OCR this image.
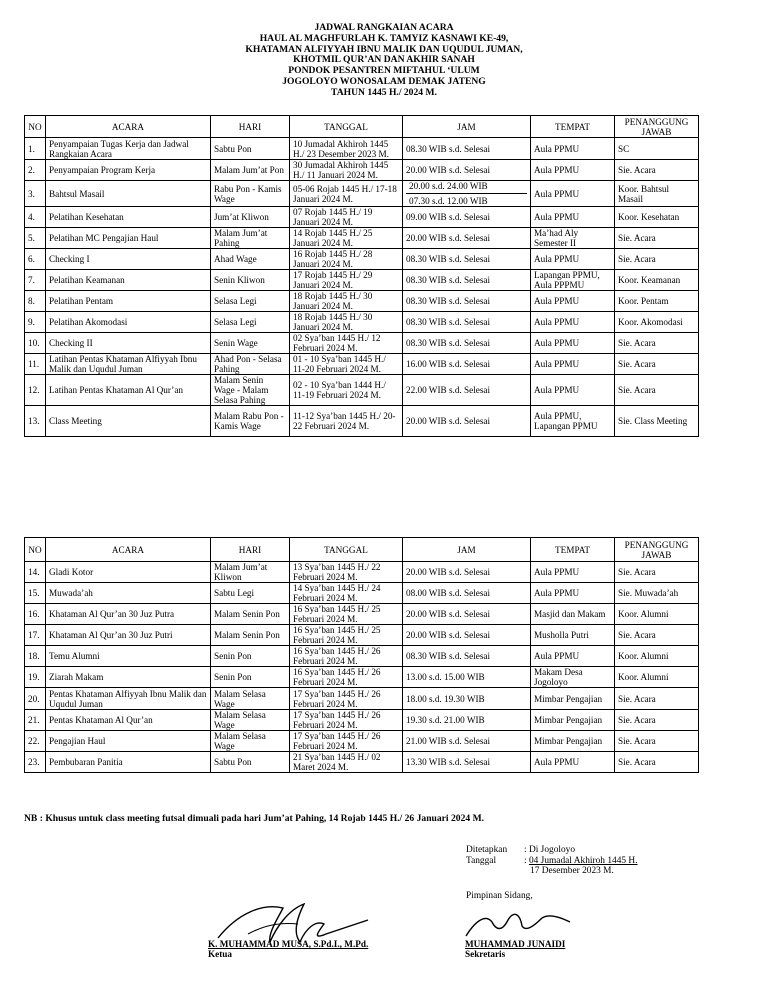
JADWAL RANGKAIAN ACARA
HAUL AL MAGHFURLAH K. TAMYIZ KASNAWI KE-49,
KHATAMAN ALFIYYAH IBNU MALIK DAN UQUDUL JUMAN,
KHOTMIL QUR’AN DAN AKHIR SANAH
PONDOK PESANTREN MIFTAHUL ‘ULUM
JOGOLOYO WONOSALAM DEMAK JATENG
TAHUN 1445 H./ 2024 M.
NO	ACARA	HARI	TANGGAL	JAM	TEMPAT	PENANGGUNG JAWAB
1.	Penyampaian Tugas Kerja dan Jadwal Rangkaian Acara	Sabtu Pon	10 Jumadal Akhiroh 1445 H./ 23 Desember 2023 M.	08.30 WIB s.d. Selesai	Aula PPMU	SC
2.	Penyampaian Program Kerja	Malam Jum’at Pon	30 Jumadal Akhiroh 1445 H./ 11 Januari 2024 M.	20.00 WIB s.d. Selesai	Aula PPMU	Sie. Acara
3.	Bahtsul Masail	Rabu Pon - Kamis Wage	05-06 Rojab 1445 H./ 17-18 Januari 2024 M.	20.00 s.d. 24.00 WIB
07.30 s.d. 12.00 WIB	Aula PPMU	Koor. Bahtsul Masail
4.	Pelatihan Kesehatan	Jum’at Kliwon	07 Rojab 1445 H./ 19 Januari 2024 M.	09.00 WIB s.d. Selesai	Aula PPMU	Koor. Kesehatan
5.	Pelatihan MC Pengajian Haul	Malam Jum’at Pahing	14 Rojab 1445 H./ 25 Januari 2024 M.	20.00 WIB s.d. Selesai	Ma’had Aly Semester II	Sie. Acara
6.	Checking I	Ahad Wage	16 Rojab 1445 H./ 28 Januari 2024 M.	08.30 WIB s.d. Selesai	Aula PPMU	Sie. Acara
7.	Pelatihan Keamanan	Senin Kliwon	17 Rojab 1445 H./ 29 Januari 2024 M.	08.30 WIB s.d. Selesai	Lapangan PPMU, Aula PPPMU	Koor. Keamanan
8.	Pelatihan Pentam	Selasa Legi	18 Rojab 1445 H./ 30 Januari 2024 M.	08.30 WIB s.d. Selesai	Aula PPMU	Koor. Pentam
9.	Pelatihan Akomodasi	Selasa Legi	18 Rojab 1445 H./ 30 Januari 2024 M.	08.30 WIB s.d. Selesai	Aula PPMU	Koor. Akomodasi
10.	Checking II	Senin Wage	02 Sya’ban 1445 H./ 12 Februari 2024 M.	08.30 WIB s.d. Selesai	Aula PPMU	Sie. Acara
11.	Latihan Pentas Khataman Alfiyyah Ibnu Malik dan Uqudul Juman	Ahad Pon - Selasa Pahing	01 - 10 Sya’ban 1445 H./ 11-20 Februari 2024 M.	16.00 WIB s.d. Selesai	Aula PPMU	Sie. Acara
12.	Latihan Pentas Khataman Al Qur’an	Malam Senin Wage - Malam Selasa Pahing	02 - 10 Sya’ban 1444 H./ 11-19 Februari 2024 M.	22.00 WIB s.d. Selesai	Aula PPMU	Sie. Acara
13.	Class Meeting	Malam Rabu Pon - Kamis Wage	11-12 Sya’ban 1445 H./ 20-22 Februari 2024 M.	20.00 WIB s.d. Selesai	Aula PPMU, Lapangan PPMU	Sie. Class Meeting
NO	ACARA	HARI	TANGGAL	JAM	TEMPAT	PENANGGUNG JAWAB
14.	Gladi Kotor	Malam Jum’at Kliwon	13 Sya’ban 1445 H./ 22 Februari 2024 M.	20.00 WIB s.d. Selesai	Aula PPMU	Sie. Acara
15.	Muwada’ah	Sabtu Legi	14 Sya’ban 1445 H./ 24 Februari 2024 M.	08.00 WIB s.d. Selesai	Aula PPMU	Sie. Muwada’ah
16.	Khataman Al Qur’an 30 Juz Putra	Malam Senin Pon	16 Sya’ban 1445 H./ 25 Februari 2024 M.	20.00 WIB s.d. Selesai	Masjid dan Makam	Koor. Alumni
17.	Khataman Al Qur’an 30 Juz Putri	Malam Senin Pon	16 Sya’ban 1445 H./ 25 Februari 2024 M.	20.00 WIB s.d. Selesai	Musholla Putri	Sie. Acara
18.	Temu Alumni	Senin Pon	16 Sya’ban 1445 H./ 26 Februari 2024 M.	08.30 WIB s.d. Selesai	Aula PPMU	Koor. Alumni
19.	Ziarah Makam	Senin Pon	16 Sya’ban 1445 H./ 26 Februari 2024 M.	13.00 s.d. 15.00 WIB	Makam Desa Jogoloyo	Koor. Alumni
20.	Pentas Khataman Alfiyyah Ibnu Malik dan Uqudul Juman	Malam Selasa Wage	17 Sya’ban 1445 H./ 26 Februari 2024 M.	18.00 s.d. 19.30 WIB	Mimbar Pengajian	Sie. Acara
21.	Pentas Khataman Al Qur’an	Malam Selasa Wage	17 Sya’ban 1445 H./ 26 Februari 2024 M.	19.30 s.d. 21.00 WIB	Mimbar Pengajian	Sie. Acara
22.	Pengajian Haul	Malam Selasa Wage	17 Sya’ban 1445 H./ 26 Februari 2024 M.	21.00 WIB s.d. Selesai	Mimbar Pengajian	Sie. Acara
23.	Pembubaran Panitia	Sabtu Pon	21 Sya’ban 1445 H./ 02 Maret 2024 M.	13.30 WIB s.d. Selesai	Aula PPMU	Sie. Acara
NB : Khusus untuk class meeting futsal dimuali pada hari Jum’at Pahing, 14 Rojab 1445 H./ 26 Januari 2024 M.
Ditetapkan	: Di Jogoloyo
Tanggal	: 04 Jumadal Akhiroh 1445 H.
17 Desember 2023 M.
Pimpinan Sidang,
K. MUHAMMAD MUSA, S.Pd.I., M.Pd.
Ketua
MUHAMMAD JUNAIDI
Sekretaris
